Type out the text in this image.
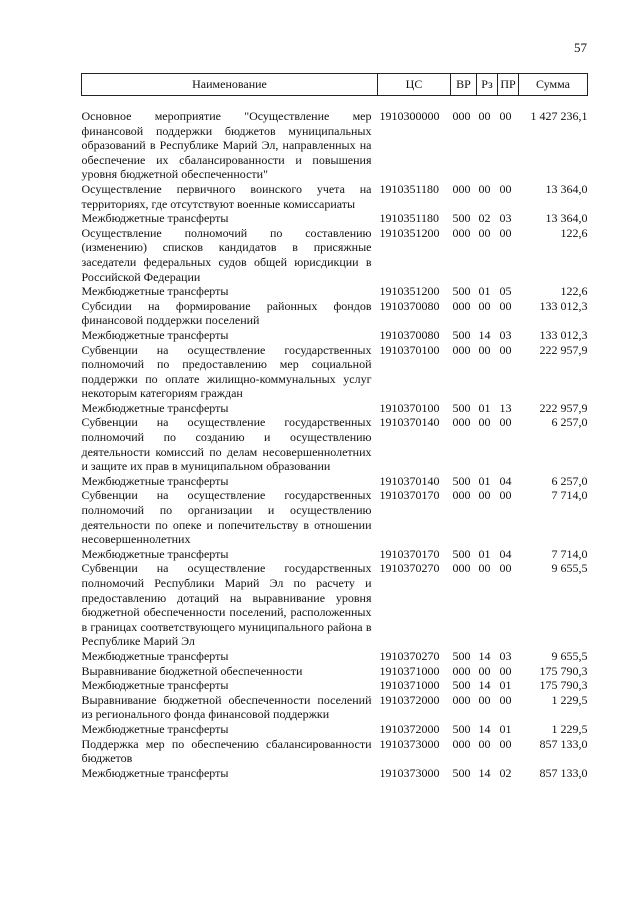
57
Наименование	ЦС	ВР	Рз	ПР	Сумма
Основное мероприятие "Осуществление мер финансовой поддержки бюджетов муниципальных образований в Республике Марий Эл, направленных на обеспечение их сбалансированности и повышения уровня бюджетной обеспеченности"	1910300000	000	00	00	1 427 236,1
Осуществление первичного воинского учета на территориях, где отсутствуют военные комиссариаты	1910351180	000	00	00	13 364,0
Межбюджетные трансферты	1910351180	500	02	03	13 364,0
Осуществление полномочий по составлению (изменению) списков кандидатов в присяжные заседатели федеральных судов общей юрисдикции в Российской Федерации	1910351200	000	00	00	122,6
Межбюджетные трансферты	1910351200	500	01	05	122,6
Субсидии на формирование районных фондов финансовой поддержки поселений	1910370080	000	00	00	133 012,3
Межбюджетные трансферты	1910370080	500	14	03	133 012,3
Субвенции на осуществление государственных полномочий по предоставлению мер социальной поддержки по оплате жилищно-коммунальных услуг некоторым категориям граждан	1910370100	000	00	00	222 957,9
Межбюджетные трансферты	1910370100	500	01	13	222 957,9
Субвенции на осуществление государственных полномочий по созданию и осуществлению деятельности комиссий по делам несовершеннолетних и защите их прав в муниципальном образовании	1910370140	000	00	00	6 257,0
Межбюджетные трансферты	1910370140	500	01	04	6 257,0
Субвенции на осуществление государственных полномочий по организации и осуществлению деятельности по опеке и попечительству в отношении несовершеннолетних	1910370170	000	00	00	7 714,0
Межбюджетные трансферты	1910370170	500	01	04	7 714,0
Субвенции на осуществление государственных полномочий Республики Марий Эл по расчету и предоставлению дотаций на выравнивание уровня бюджетной обеспеченности поселений, расположенных в границах соответствующего муниципального района в Республике Марий Эл	1910370270	000	00	00	9 655,5
Межбюджетные трансферты	1910370270	500	14	03	9 655,5
Выравнивание бюджетной обеспеченности	1910371000	000	00	00	175 790,3
Межбюджетные трансферты	1910371000	500	14	01	175 790,3
Выравнивание бюджетной обеспеченности поселений из регионального фонда финансовой поддержки	1910372000	000	00	00	1 229,5
Межбюджетные трансферты	1910372000	500	14	01	1 229,5
Поддержка мер по обеспечению сбалансированности бюджетов	1910373000	000	00	00	857 133,0
Межбюджетные трансферты	1910373000	500	14	02	857 133,0
